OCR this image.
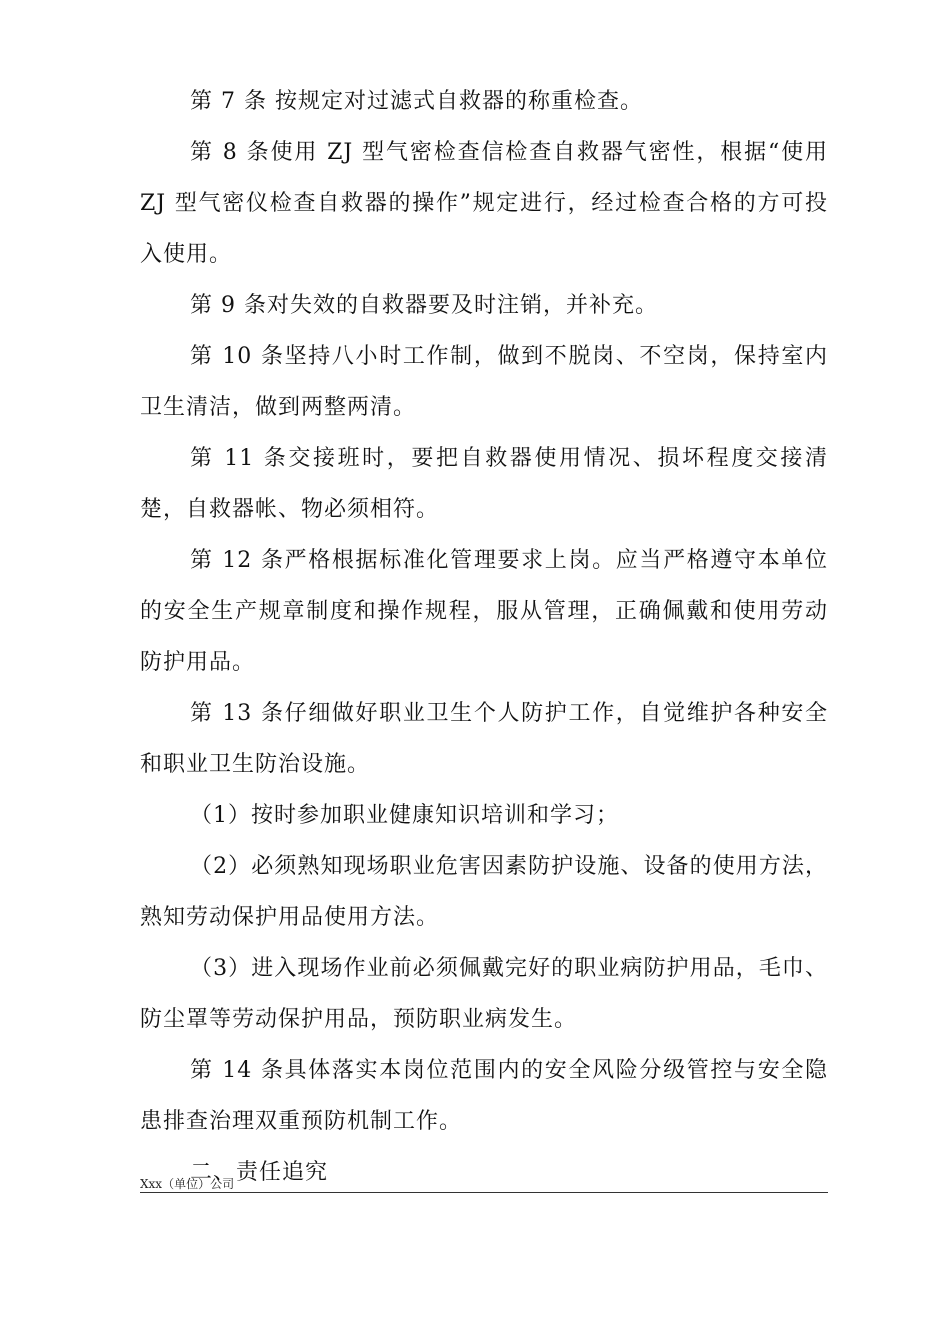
第 7 条 按规定对过滤式自救器的称重检查。

第 8 条使用 ZJ 型气密检查信检查自救器气密性，根据“使用 ZJ 型气密仪检查自救器的操作”规定进行，经过检查合格的方可投入使用。

第 9 条对失效的自救器要及时注销，并补充。

第 10 条坚持八小时工作制，做到不脱岗、不空岗，保持室内卫生清洁，做到两整两清。

第 11 条交接班时，要把自救器使用情况、损坏程度交接清楚，自救器帐、物必须相符。

第 12 条严格根据标准化管理要求上岗。应当严格遵守本单位的安全生产规章制度和操作规程，服从管理，正确佩戴和使用劳动防护用品。

第 13 条仔细做好职业卫生个人防护工作，自觉维护各种安全和职业卫生防治设施。

（1）按时参加职业健康知识培训和学习；

（2）必须熟知现场职业危害因素防护设施、设备的使用方法，熟知劳动保护用品使用方法。

（3）进入现场作业前必须佩戴完好的职业病防护用品，毛巾、防尘罩等劳动保护用品，预防职业病发生。

第 14 条具体落实本岗位范围内的安全风险分级管控与安全隐患排查治理双重预防机制工作。

二、责任追究

Xxx（单位）公司
